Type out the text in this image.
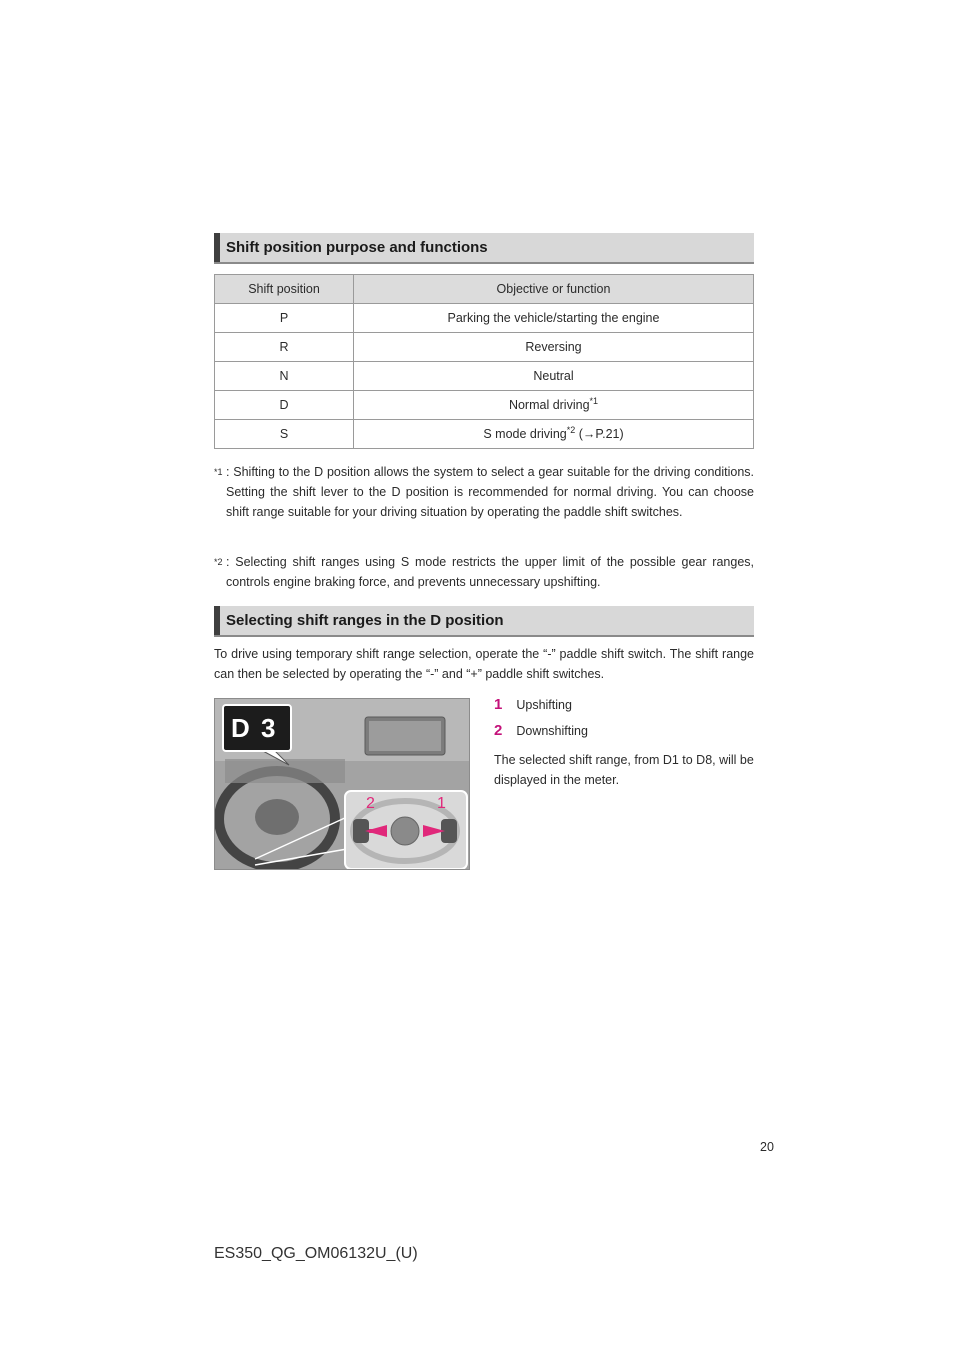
Shift position purpose and functions
Shift position	Objective or function
P	Parking the vehicle/starting the engine
R	Reversing
N	Neutral
D	Normal driving$^{*1}$
S	S mode driving$^{*2}$ (→P.21)
*1 : Shifting to the D position allows the system to select a gear suitable for the driving conditions. Setting the shift lever to the D position is recommended for normal driving. You can choose shift range suitable for your driving situation by operating the paddle shift switches.
*2 : Selecting shift ranges using S mode restricts the upper limit of the possible gear ranges, controls engine braking force, and prevents unnecessary upshifting.
Selecting shift ranges in the D position
To drive using temporary shift range selection, operate the “-” paddle shift switch. The shift range can then be selected by operating the “-” and “+” paddle shift switches.
D 3
2	1
1 Upshifting
2 Downshifting
The selected shift range, from D1 to D8, will be displayed in the meter.
20
ES350_QG_OM06132U_(U)
